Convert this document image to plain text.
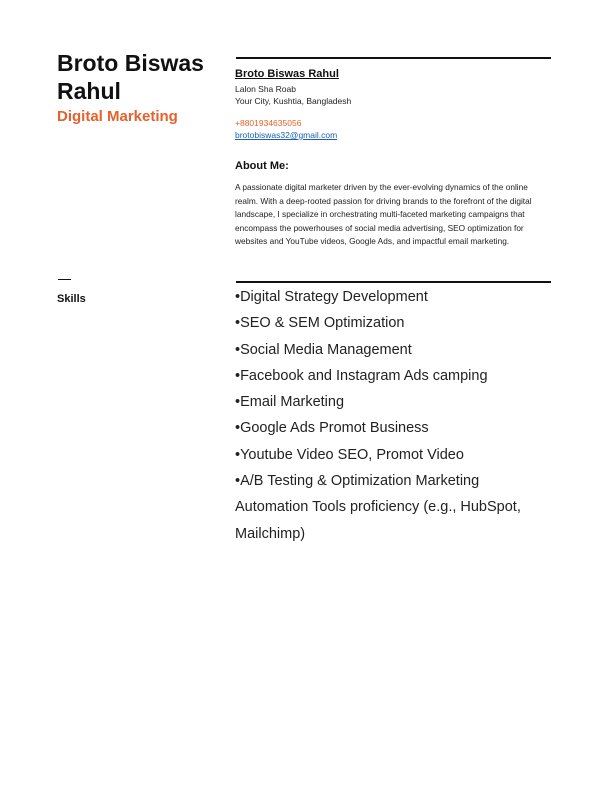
Broto Biswas Rahul
Digital Marketing
Skills
Broto Biswas Rahul
Lalon Sha Roab
Your City, Kushtia, Bangladesh
+8801934635056
brotobiswas32@gmail.com
About Me:

A passionate digital marketer driven by the ever-evolving dynamics of the online realm. With a deep-rooted passion for driving brands to the forefront of the digital landscape, I specialize in orchestrating multi-faceted marketing campaigns that encompass the powerhouses of social media advertising, SEO optimization for websites and YouTube videos, Google Ads, and impactful email marketing.

•Digital Strategy Development
•SEO & SEM Optimization
•Social Media Management
•Facebook and Instagram Ads camping
•Email Marketing
•Google Ads Promot Business
•Youtube Video SEO, Promot Video
•A/B Testing & Optimization Marketing Automation Tools proficiency (e.g., HubSpot, Mailchimp)
